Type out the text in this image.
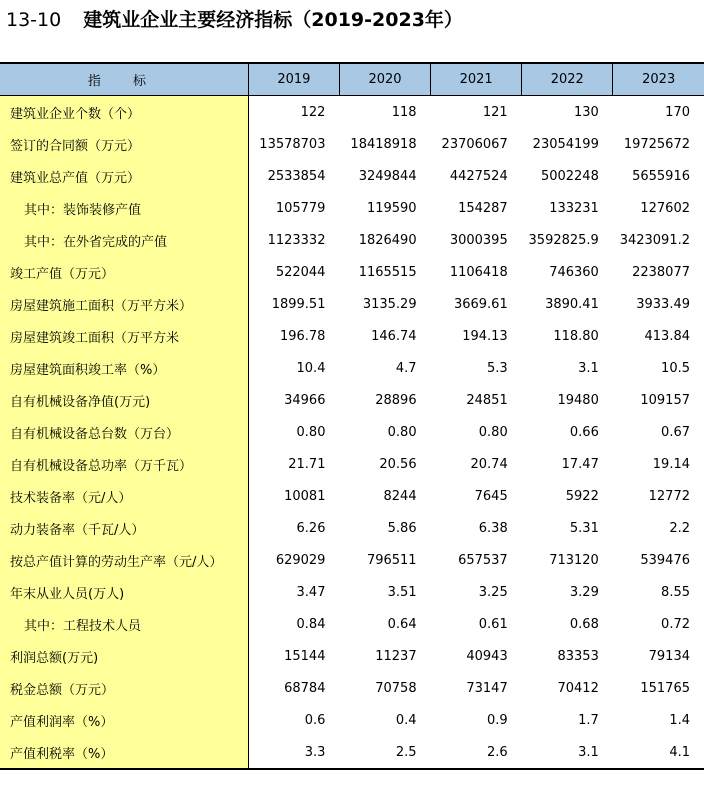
13-10 建筑业企业主要经济指标（2019-2023年）
指 标	2019	2020	2021	2022	2023
建筑业企业个数（个）	122	118	121	130	170
签订的合同额（万元）	13578703	18418918	23706067	23054199	19725672
建筑业总产值（万元）	2533854	3249844	4427524	5002248	5655916
其中：装饰装修产值	105779	119590	154287	133231	127602
其中：在外省完成的产值	1123332	1826490	3000395	3592825.9	3423091.2
竣工产值（万元）	522044	1165515	1106418	746360	2238077
房屋建筑施工面积（万平方米）	1899.51	3135.29	3669.61	3890.41	3933.49
房屋建筑竣工面积（万平方米	196.78	146.74	194.13	118.80	413.84
房屋建筑面积竣工率（%）	10.4	4.7	5.3	3.1	10.5
自有机械设备净值(万元)	34966	28896	24851	19480	109157
自有机械设备总台数（万台）	0.80	0.80	0.80	0.66	0.67
自有机械设备总功率（万千瓦）	21.71	20.56	20.74	17.47	19.14
技术装备率（元/人）	10081	8244	7645	5922	12772
动力装备率（千瓦/人）	6.26	5.86	6.38	5.31	2.2
按总产值计算的劳动生产率（元/人）	629029	796511	657537	713120	539476
年末从业人员(万人)	3.47	3.51	3.25	3.29	8.55
其中：工程技术人员	0.84	0.64	0.61	0.68	0.72
利润总额(万元)	15144	11237	40943	83353	79134
税金总额（万元）	68784	70758	73147	70412	151765
产值利润率（%）	0.6	0.4	0.9	1.7	1.4
产值利税率（%）	3.3	2.5	2.6	3.1	4.1
